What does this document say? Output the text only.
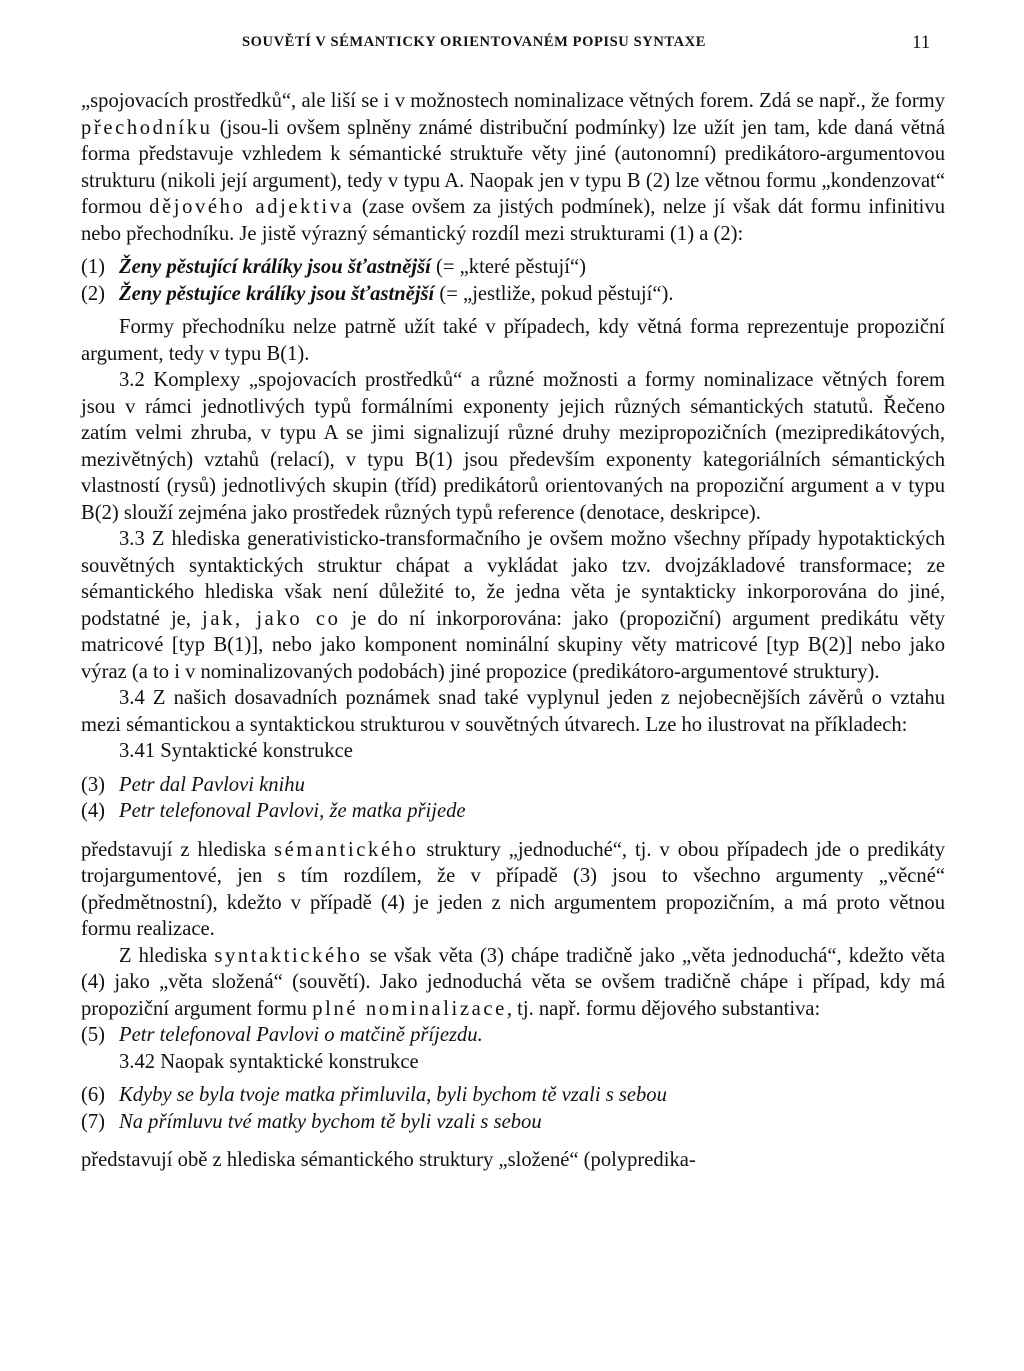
SOUVĚTÍ V SÉMANTICKY ORIENTOVANÉM POPISU SYNTAXE	11

„spojovacích prostředků“, ale liší se i v možnostech nominalizace větných forem. Zdá se např., že formy přechodníku (jsou-li ovšem splněny známé distribuční podmínky) lze užít jen tam, kde daná větná forma představuje vzhledem k sémantické struktuře věty jiné (autonomní) predikátoro-argumentovou strukturu (nikoli její argument), tedy v typu A. Naopak jen v typu B (2) lze větnou formu „kondenzovat“ formou dějového adjektiva (zase ovšem za jistých podmínek), nelze jí však dát formu infinitivu nebo přechodníku. Je jistě výrazný sémantický rozdíl mezi strukturami (1) a (2):

(1) Ženy pěstující králíky jsou šťastnější (= „které pěstují“)

(2) Ženy pěstujíce králíky jsou šťastnější (= „jestliže, pokud pěstují“).

Formy přechodníku nelze patrně užít také v případech, kdy větná forma reprezentuje propoziční argument, tedy v typu B(1).

3.2 Komplexy „spojovacích prostředků“ a různé možnosti a formy nominalizace větných forem jsou v rámci jednotlivých typů formálními exponenty jejich různých sémantických statutů. Řečeno zatím velmi zhruba, v typu A se jimi signalizují různé druhy mezipropozičních (mezipredikátových, mezivětných) vztahů (relací), v typu B(1) jsou především exponenty kategoriálních sémantických vlastností (rysů) jednotlivých skupin (tříd) predikátorů orientovaných na propoziční argument a v typu B(2) slouží zejména jako prostředek různých typů reference (denotace, deskripce).

3.3 Z hlediska generativisticko-transformačního je ovšem možno všechny případy hypotaktických souvětných syntaktických struktur chápat a vykládat jako tzv. dvojzákladové transformace; ze sémantického hlediska však není důležité to, že jedna věta je syntakticky inkorporována do jiné, podstatné je, jak, jako co je do ní inkorporována: jako (propoziční) argument predikátu věty matricové [typ B(1)], nebo jako komponent nominální skupiny věty matricové [typ B(2)] nebo jako výraz (a to i v nominalizovaných podobách) jiné propozice (predikátoro-argumentové struktury).

3.4 Z našich dosavadních poznámek snad také vyplynul jeden z nejobecnějších závěrů o vztahu mezi sémantickou a syntaktickou strukturou v souvětných útvarech. Lze ho ilustrovat na příkladech:

3.41 Syntaktické konstrukce

(3) Petr dal Pavlovi knihu

(4) Petr telefonoval Pavlovi, že matka přijede

představují z hlediska sémantického struktury „jednoduché“, tj. v obou případech jde o predikáty trojargumentové, jen s tím rozdílem, že v případě (3) jsou to všechno argumenty „věcné“ (předmětnostní), kdežto v případě (4) je jeden z nich argumentem propozičním, a má proto větnou formu realizace.

Z hlediska syntaktického se však věta (3) chápe tradičně jako „věta jednoduchá“, kdežto věta (4) jako „věta složená“ (souvětí). Jako jednoduchá věta se ovšem tradičně chápe i případ, kdy má propoziční argument formu plné nominalizace, tj. např. formu dějového substantiva:

(5) Petr telefonoval Pavlovi o matčině příjezdu.

3.42 Naopak syntaktické konstrukce

(6) Kdyby se byla tvoje matka přimluvila, byli bychom tě vzali s sebou

(7) Na přímluvu tvé matky bychom tě byli vzali s sebou

představují obě z hlediska sémantického struktury „složené“ (polypredika-
